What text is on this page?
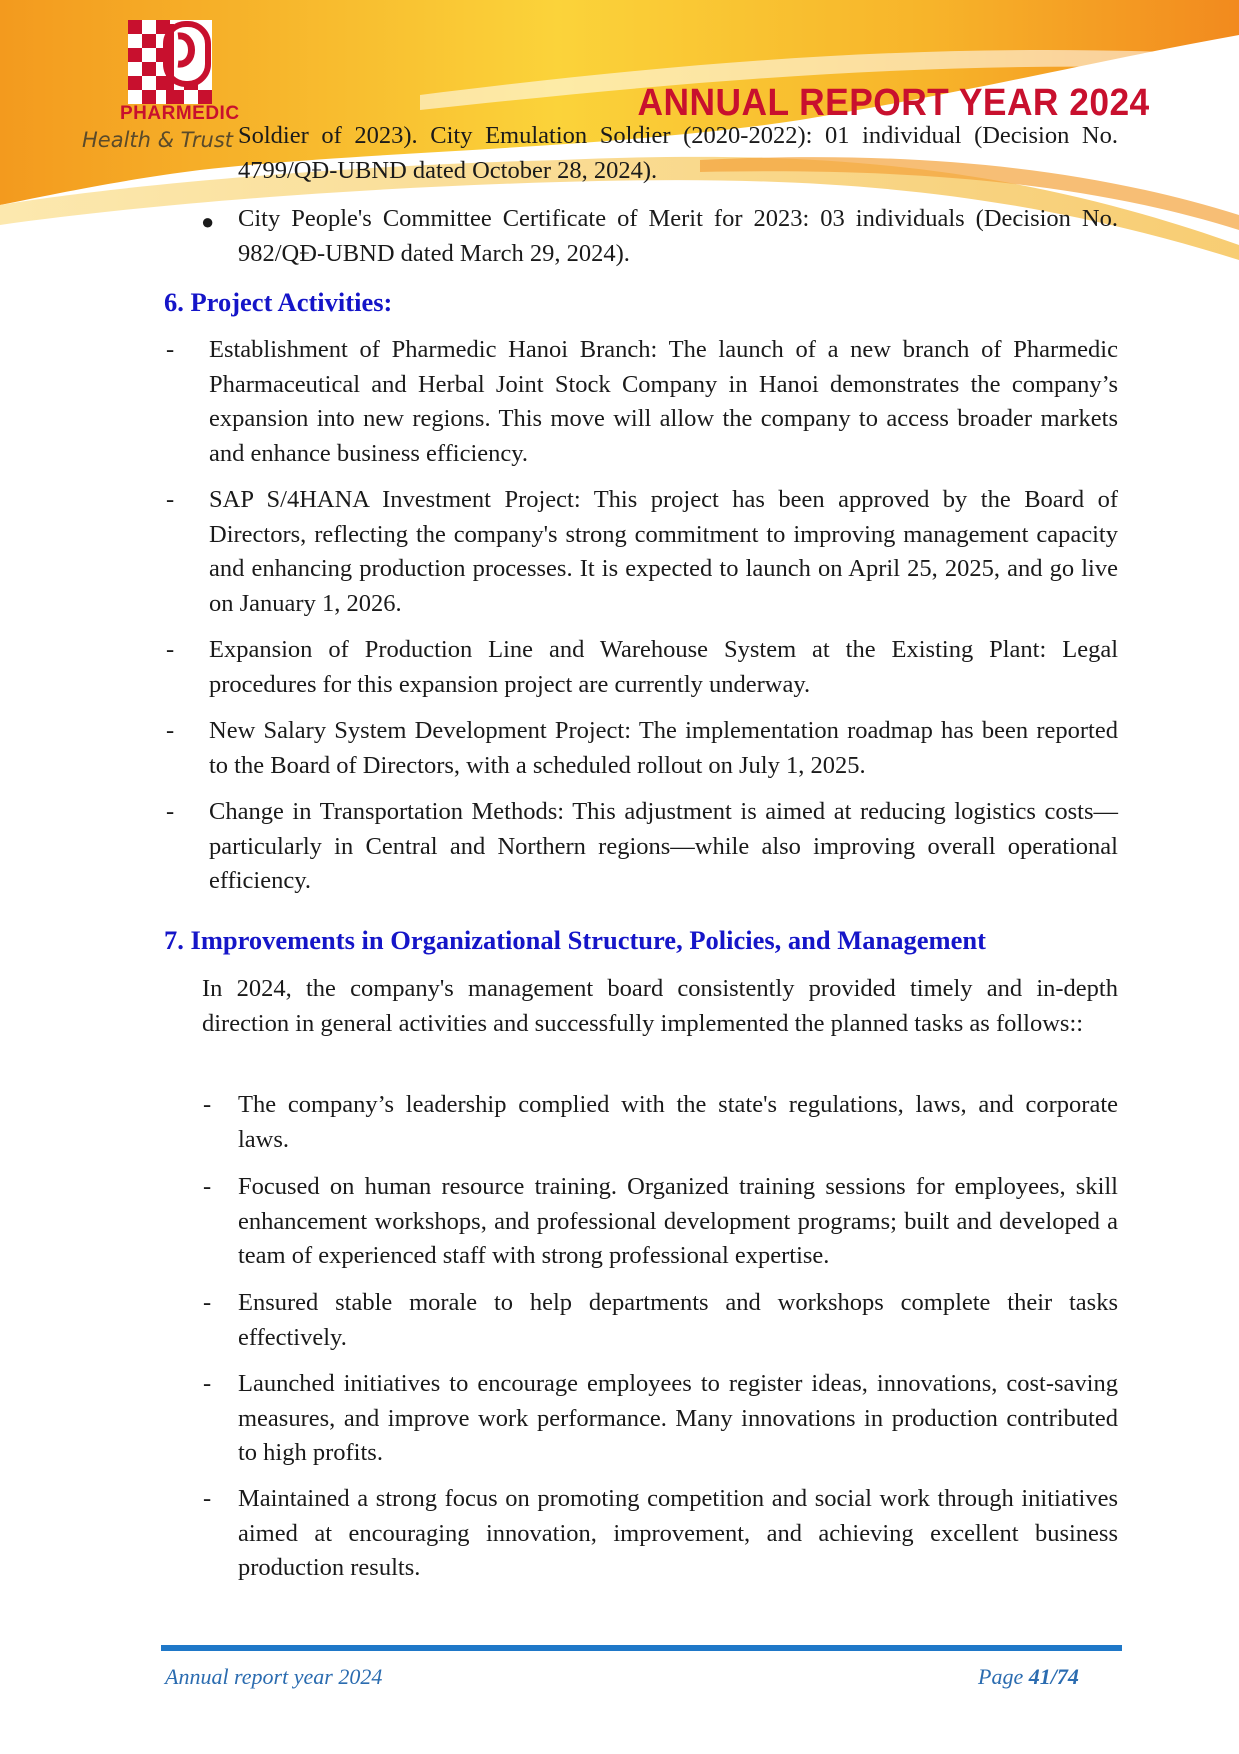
PHARMEDIC
Health & Trust
ANNUAL REPORT YEAR 2024
Soldier of 2023). City Emulation Soldier (2020-2022): 01 individual (Decision No. 4799/QĐ-UBND dated October 28, 2024).
● City People's Committee Certificate of Merit for 2023: 03 individuals (Decision No. 982/QĐ-UBND dated March 29, 2024).
6. Project Activities:
- Establishment of Pharmedic Hanoi Branch: The launch of a new branch of Pharmedic Pharmaceutical and Herbal Joint Stock Company in Hanoi demonstrates the company’s expansion into new regions. This move will allow the company to access broader markets and enhance business efficiency.
- SAP S/4HANA Investment Project: This project has been approved by the Board of Directors, reflecting the company's strong commitment to improving management capacity and enhancing production processes. It is expected to launch on April 25, 2025, and go live on January 1, 2026.
- Expansion of Production Line and Warehouse System at the Existing Plant: Legal procedures for this expansion project are currently underway.
- New Salary System Development Project: The implementation roadmap has been reported to the Board of Directors, with a scheduled rollout on July 1, 2025.
- Change in Transportation Methods: This adjustment is aimed at reducing logistics costs—particularly in Central and Northern regions—while also improving overall operational efficiency.
7. Improvements in Organizational Structure, Policies, and Management
In 2024, the company's management board consistently provided timely and in-depth direction in general activities and successfully implemented the planned tasks as follows::
- The company’s leadership complied with the state's regulations, laws, and corporate laws.
- Focused on human resource training. Organized training sessions for employees, skill enhancement workshops, and professional development programs; built and developed a team of experienced staff with strong professional expertise.
- Ensured stable morale to help departments and workshops complete their tasks effectively.
- Launched initiatives to encourage employees to register ideas, innovations, cost-saving measures, and improve work performance. Many innovations in production contributed to high profits.
- Maintained a strong focus on promoting competition and social work through initiatives aimed at encouraging innovation, improvement, and achieving excellent business production results.
Annual report year 2024	Page 41/74
